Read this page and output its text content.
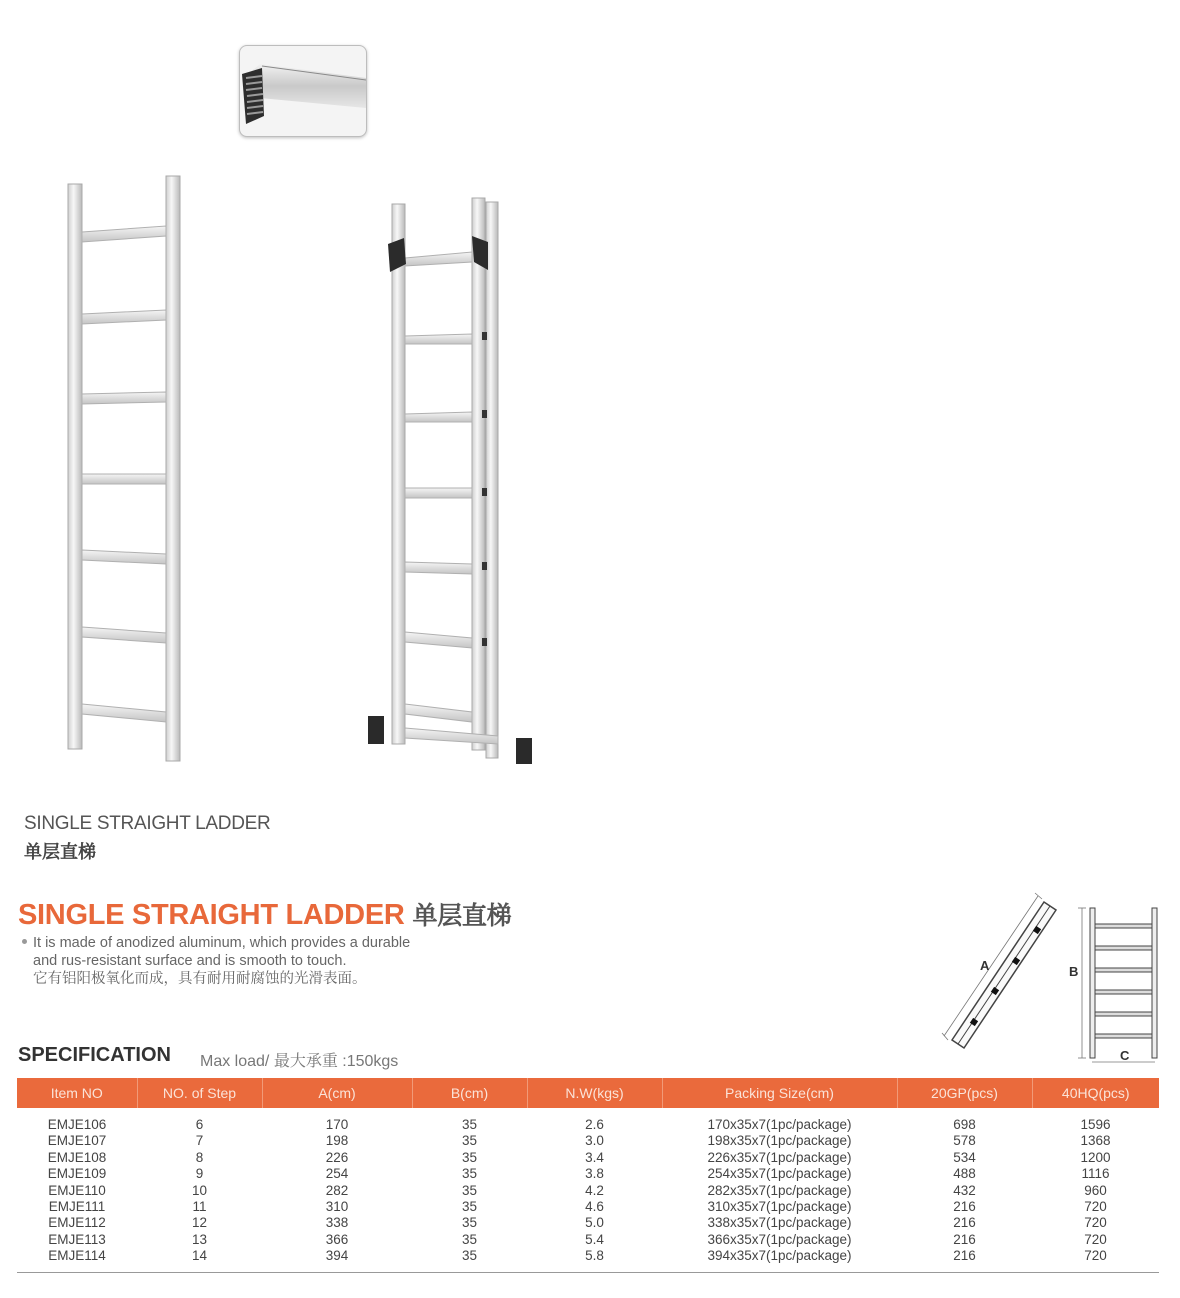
SINGLE STRAIGHT LADDER
单层直梯
SINGLE STRAIGHT LADDER 单层直梯
It is made of anodized aluminum, which provides a durable
and rus-resistant surface and is smooth to touch.
它有铝阳极氧化而成，具有耐用耐腐蚀的光滑表面。
A	B
C
SPECIFICATION Max load/ 最大承重 :150kgs
Item NO	NO. of Step	A(cm)	B(cm)	N.W(kgs)	Packing Size(cm)	20GP(pcs)	40HQ(pcs)
EMJE106	6	170	35	2.6	170x35x7(1pc/package)	698	1596
EMJE107	7	198	35	3.0	198x35x7(1pc/package)	578	1368
EMJE108	8	226	35	3.4	226x35x7(1pc/package)	534	1200
EMJE109	9	254	35	3.8	254x35x7(1pc/package)	488	1116
EMJE110	10	282	35	4.2	282x35x7(1pc/package)	432	960
EMJE111	11	310	35	4.6	310x35x7(1pc/package)	216	720
EMJE112	12	338	35	5.0	338x35x7(1pc/package)	216	720
EMJE113	13	366	35	5.4	366x35x7(1pc/package)	216	720
EMJE114	14	394	35	5.8	394x35x7(1pc/package)	216	720
